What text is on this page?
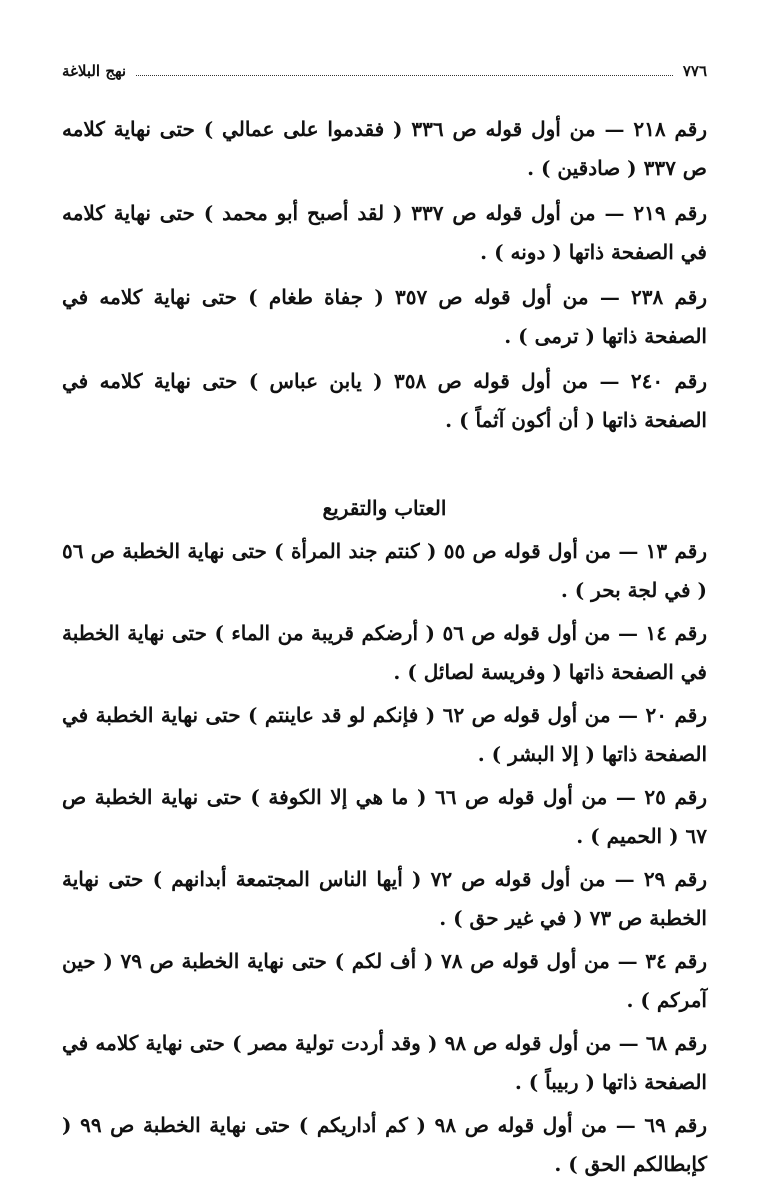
٧٧٦
نهج البلاغة

رقم ٢١٨ — من أول قوله ص ٣٣٦ ( فقدموا على عمالي ) حتى نهاية كلامه ص ٣٣٧ ( صادقين ) .

رقم ٢١٩ — من أول قوله ص ٣٣٧ ( لقد أصبح أبو محمد ) حتى نهاية كلامه في الصفحة ذاتها ( دونه ) .

رقم ٢٣٨ — من أول قوله ص ٣٥٧ ( جفاة طغام ) حتى نهاية كلامه في الصفحة ذاتها ( ترمى ) .

رقم ٢٤٠ — من أول قوله ص ٣٥٨ ( يابن عباس ) حتى نهاية كلامه في الصفحة ذاتها ( أن أكون آثماً ) .

العتاب والتقريع

رقم ١٣ — من أول قوله ص ٥٥ ( كنتم جند المرأة ) حتى نهاية الخطبة ص ٥٦ ( في لجة بحر ) .

رقم ١٤ — من أول قوله ص ٥٦ ( أرضكم قريبة من الماء ) حتى نهاية الخطبة في الصفحة ذاتها ( وفريسة لصائل ) .

رقم ٢٠ — من أول قوله ص ٦٢ ( فإنكم لو قد عاينتم ) حتى نهاية الخطبة في الصفحة ذاتها ( إلا البشر ) .

رقم ٢٥ — من أول قوله ص ٦٦ ( ما هي إلا الكوفة ) حتى نهاية الخطبة ص ٦٧ ( الحميم ) .

رقم ٢٩ — من أول قوله ص ٧٢ ( أيها الناس المجتمعة أبدانهم ) حتى نهاية الخطبة ص ٧٣ ( في غير حق ) .

رقم ٣٤ — من أول قوله ص ٧٨ ( أف لكم ) حتى نهاية الخطبة ص ٧٩ ( حين آمركم ) .

رقم ٦٨ — من أول قوله ص ٩٨ ( وقد أردت تولية مصر ) حتى نهاية كلامه في الصفحة ذاتها ( ربيباً ) .

رقم ٦٩ — من أول قوله ص ٩٨ ( كم أداريكم ) حتى نهاية الخطبة ص ٩٩ ( كإبطالكم الحق ) .
